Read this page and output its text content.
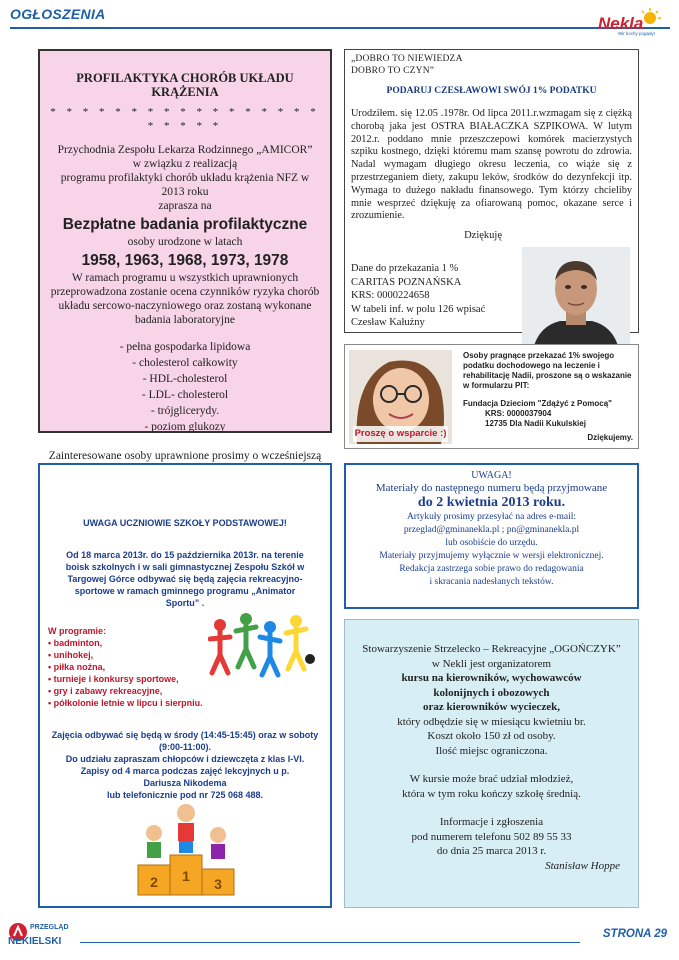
OGŁOSZENIA	Nekla
Wir kochy pogady!
PROFILAKTYKA CHORÓB UKŁADU KRĄŻENIA
* * * * * * * * * * * * * * * * * * * * * *
Przychodnia Zespołu Lekarza Rodzinnego „AMICOR”
w związku z realizacją
programu profilaktyki chorób układu krążenia NFZ w 2013 roku
zaprasza na
Bezpłatne badania profilaktyczne
osoby urodzone w latach
1958, 1963, 1968, 1973, 1978
W ramach programu u wszystkich uprawnionych przeprowadzona zostanie ocena czynników ryzyka chorób układu sercowo-naczyniowego oraz zostaną wykonane badania laboratoryjne
- pełna gospodarka lipidowa
- cholesterol całkowity
- HDL-cholesterol
- LDL- cholesterol
- trójglicerydy.
- poziom glukozy
Zainteresowane osoby uprawnione prosimy o wcześniejszą
„DOBRO TO NIEWIEDZA
DOBRO TO CZYN”
PODARUJ CZESŁAWOWI SWÓJ 1% PODATKU
Urodziłem. się 12.05 .1978r. Od lipca 2011.r.wzmagam się z ciężką chorobą jaka jest OSTRA BIAŁACZKA SZPIKOWA. W lutym 2012.r. poddano mnie przeszczepowi komórek macierzystych szpiku kostnego, dzięki któremu mam szansę powrotu do zdrowia. Nadal wymagam długiego okresu leczenia, co wiąże się z przestrzeganiem diety, zakupu leków, środków do dezynfekcji itp. Wymaga to dużego nakładu finansowego. Tym którzy chcieliby mnie wesprzeć dziękuję za ofiarowaną pomoc, okazane serce i zrozumienie.
Dziękuję
Dane do przekazania 1 %
CARITAS POZNAŃSKA
KRS: 0000224658
W tabeli inf. w polu 126 wpisać
Czesław Kałużny
Proszę o wsparcie :)
Osoby pragnące przekazać 1% swojego podatku dochodowego na leczenie i rehabilitację Nadii, proszone są o wskazanie w formularzu PIT:
Fundacja Dzieciom "Zdążyć z Pomocą"
KRS: 0000037904
12735 Dla Nadii Kukulskiej
Dziękujemy.
UWAGA UCZNIOWIE SZKOŁY PODSTAWOWEJ!
Od 18 marca 2013r. do 15 października 2013r. na terenie boisk szkolnych i w sali gimnastycznej Zespołu Szkół w Targowej Górce odbywać się będą zajęcia rekreacyjno-sportowe w ramach gminnego programu „Animator Sportu” .
W programie:
• badminton,
• unihokej,
• piłka nożna,
• turnieje i konkursy sportowe,
• gry i zabawy rekreacyjne,
• półkolonie letnie w lipcu i sierpniu.
Zajęcia odbywać się będą w środy (14:45-15:45) oraz w soboty (9:00-11:00).
Do udziału zapraszam chłopców i dziewczęta z klas I-VI.
Zapisy od 4 marca podczas zajęć lekcyjnych u p. Dariusza Nikodema
lub telefonicznie pod nr 725 068 488.
1
2	3
UWAGA!
Materiały do następnego numeru będą przyjmowane
do 2 kwietnia 2013 roku.
Artykuły prosimy przesyłać na adres e-mail:
przeglad@gminanekla.pl ; pn@gminanekla.pl
lub osobiście do urzędu.
Materiały przyjmujemy wyłącznie w wersji elektronicznej.
Redakcja zastrzega sobie prawo do redagowania
i skracania nadesłanych tekstów.
Stowarzyszenie Strzelecko – Rekreacyjne „OGOŃCZYK”
w Nekli jest organizatorem
kursu na kierowników, wychowawców
kolonijnych i obozowych
oraz kierowników wycieczek,
który odbędzie się w miesiącu kwietniu br.
Koszt około 150 zł od osoby.
Ilość miejsc ograniczona.
W kursie może brać udział młodzież,
która w tym roku kończy szkołę średnią.
Informacje i zgłoszenia
pod numerem telefonu 502 89 55 33
do dnia 25 marca 2013 r.
Stanisław Hoppe
PRZEGLĄD
NEKIELSKI
STRONA 29
